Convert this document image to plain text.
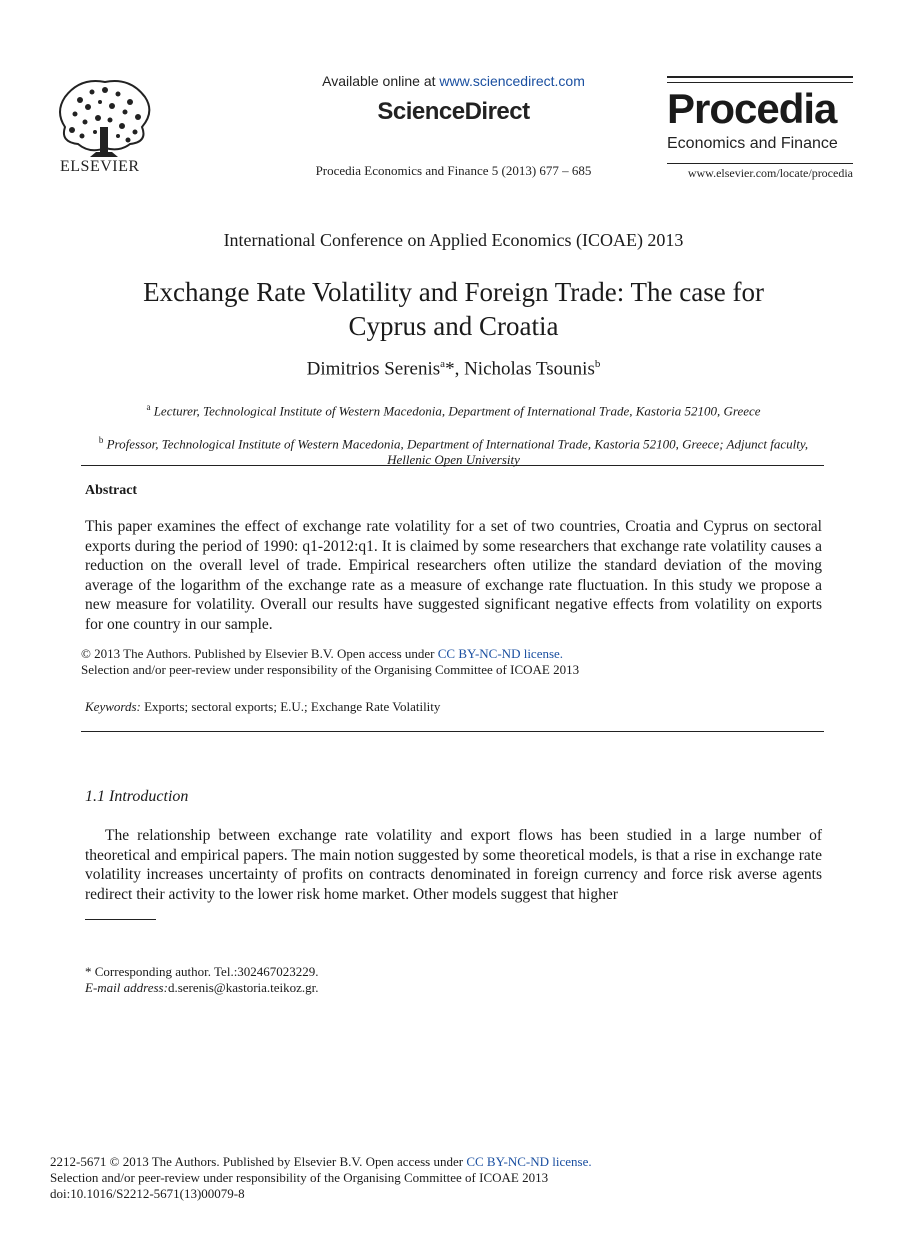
ELSEVIER
Available online at www.sciencedirect.com
ScienceDirect
Procedia Economics and Finance 5 (2013) 677 – 685
Procedia
Economics and Finance
www.elsevier.com/locate/procedia
International Conference on Applied Economics (ICOAE) 2013
Exchange Rate Volatility and Foreign Trade: The case for
Cyprus and Croatia
Dimitrios Serenis$^a$*, Nicholas Tsounis$^b$
$^a$ Lecturer, Technological Institute of Western Macedonia, Department of International Trade, Kastoria 52100, Greece
$^b$ Professor, Technological Institute of Western Macedonia, Department of International Trade, Kastoria 52100, Greece; Adjunct faculty,
Hellenic Open University
Abstract
This paper examines the effect of exchange rate volatility for a set of two countries, Croatia and Cyprus on sectoral exports during the period of 1990: q1-2012:q1. It is claimed by some researchers that exchange rate volatility causes a reduction on the overall level of trade. Empirical researchers often utilize the standard deviation of the moving average of the logarithm of the exchange rate as a measure of exchange rate fluctuation. In this study we propose a new measure for volatility. Overall our results have suggested significant negative effects from volatility on exports for one country in our sample.
© 2013 The Authors. Published by Elsevier B.V. Open access under CC BY-NC-ND license.
Selection and/or peer-review under responsibility of the Organising Committee of ICOAE 2013
Keywords: Exports; sectoral exports; E.U.; Exchange Rate Volatility
1.1 Introduction
The relationship between exchange rate volatility and export flows has been studied in a large number of theoretical and empirical papers. The main notion suggested by some theoretical models, is that a rise in exchange rate volatility increases uncertainty of profits on contracts denominated in foreign currency and force risk averse agents redirect their activity to the lower risk home market. Other models suggest that higher
* Corresponding author. Tel.:302467023229.
E-mail address:d.serenis@kastoria.teikoz.gr.
2212-5671 © 2013 The Authors. Published by Elsevier B.V. Open access under CC BY-NC-ND license.
Selection and/or peer-review under responsibility of the Organising Committee of ICOAE 2013
doi:10.1016/S2212-5671(13)00079-8
